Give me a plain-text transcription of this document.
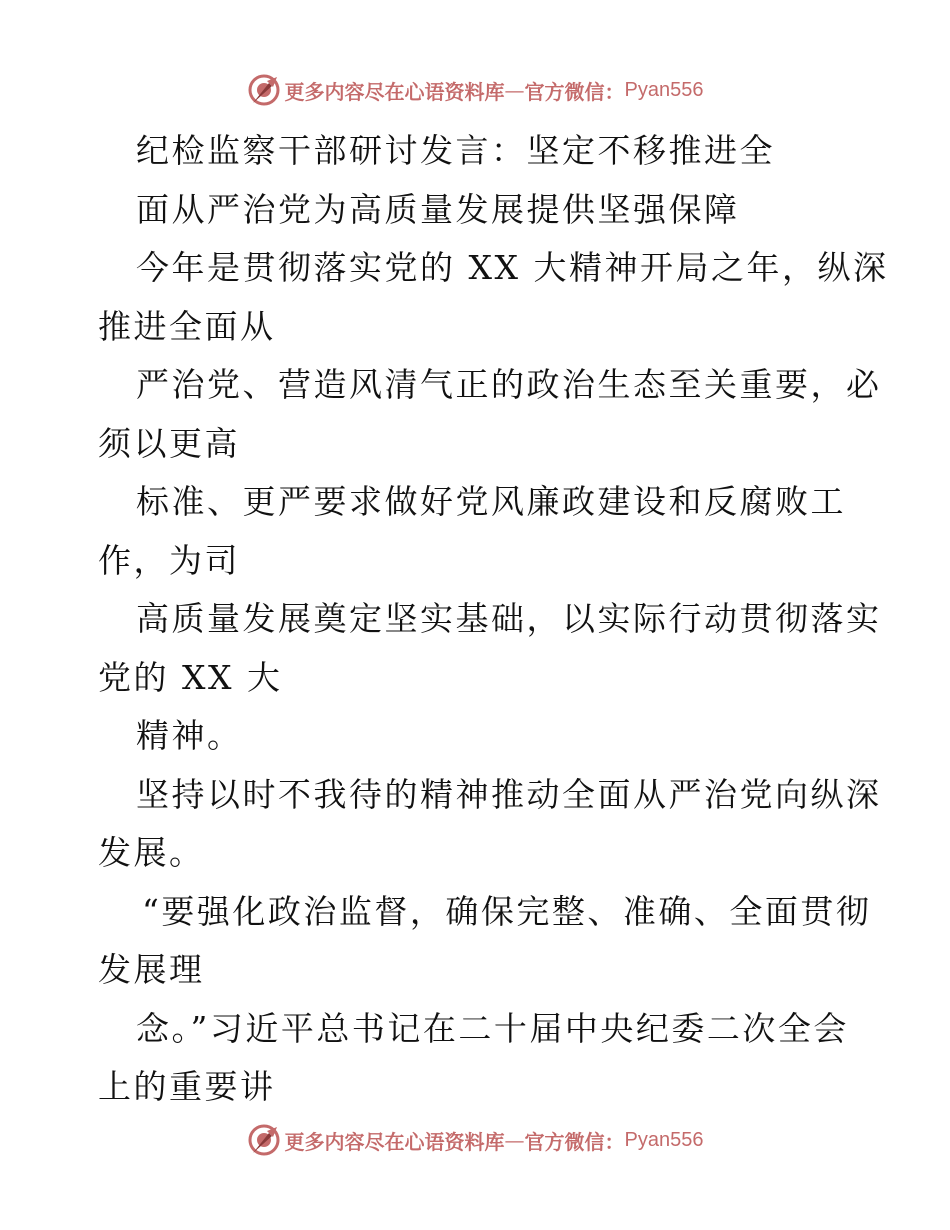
更多内容尽在心语资料库 — 官方微信： Pyan556
纪检监察干部研讨发言：坚定不移推进全
面从严治党为高质量发展提供坚强保障
今年是贯彻落实党的 XX 大精神开局之年，纵深
推进全面从
严治党、营造风清气正的政治生态至关重要，必
须以更高
标准、更严要求做好党风廉政建设和反腐败工
作，为司
高质量发展奠定坚实基础，以实际行动贯彻落实
党的 XX 大
精神。
坚持以时不我待的精神推动全面从严治党向纵深
发展。
“要强化政治监督，确保完整、准确、全面贯彻
发展理
念。”习近平总书记在二十届中央纪委二次全会
上的重要讲
更多内容尽在心语资料库 — 官方微信： Pyan556
